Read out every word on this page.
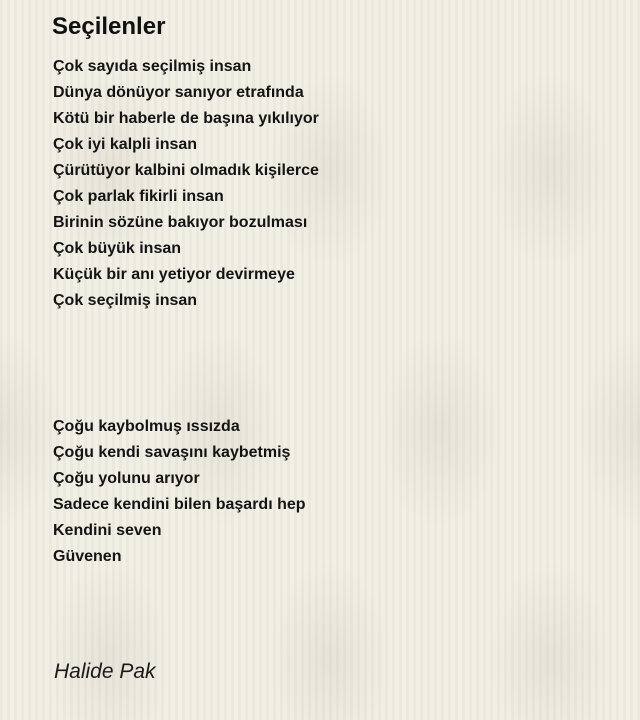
Seçilenler
Çok sayıda seçilmiş insan
Dünya dönüyor sanıyor etrafında
Kötü bir haberle de başına yıkılıyor
Çok iyi kalpli insan
Çürütüyor kalbini olmadık kişilerce
Çok parlak fikirli insan
Birinin sözüne bakıyor bozulması
Çok büyük insan
Küçük bir anı yetiyor devirmeye
Çok seçilmiş insan
Çoğu kaybolmuş ıssızda
Çoğu kendi savaşını kaybetmiş
Çoğu yolunu arıyor
Sadece kendini bilen başardı hep
Kendini seven
Güvenen

Halide Pak
